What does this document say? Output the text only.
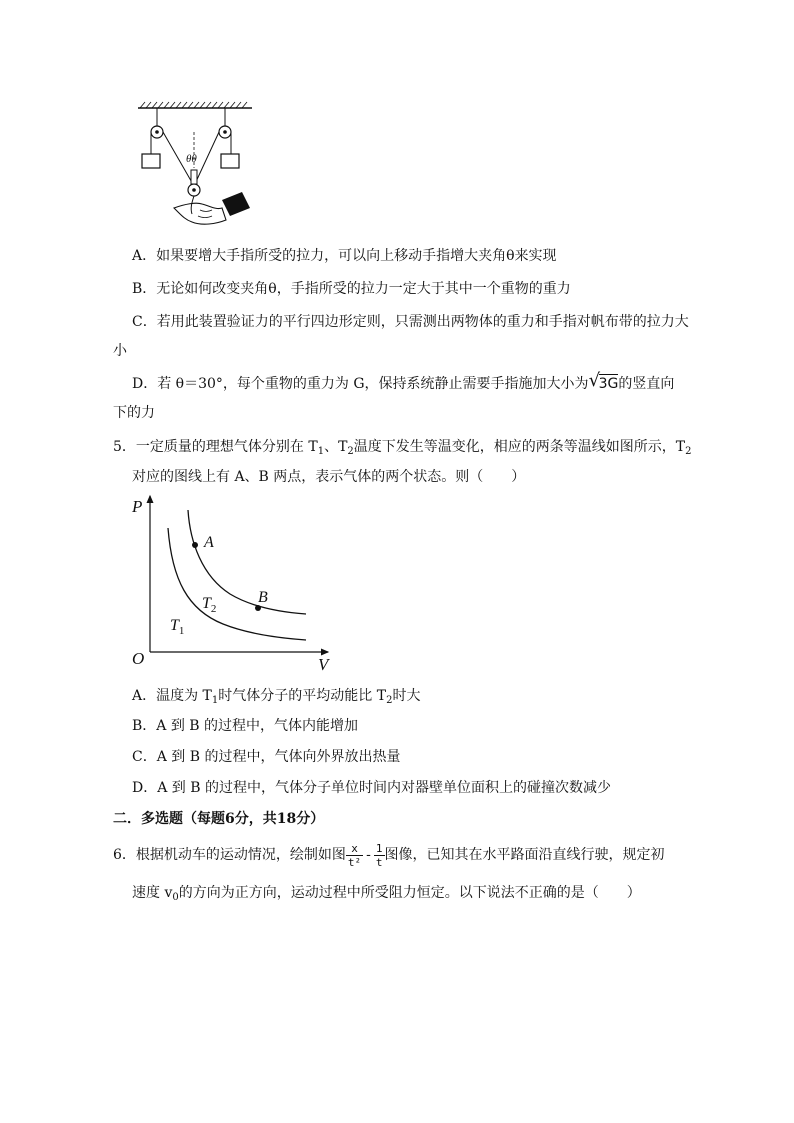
θθ
A．如果要增大手指所受的拉力，可以向上移动手指增大夹角θ来实现
B．无论如何改变夹角θ，手指所受的拉力一定大于其中一个重物的重力
C．若用此装置验证力的平行四边形定则，只需测出两物体的重力和手指对帆布带的拉力大
小
D．若 θ＝30°，每个重物的重力为 G，保持系统静止需要手指施加大小为 √
3G的竖直向
下的力
5．一定质量的理想气体分别在 $T_1$、$T_2$温度下发生等温变化，相应的两条等温线如图所示，$T_2$
对应的图线上有 A、B 两点，表示气体的两个状态。则（　　）
P
V
O
A
B
$T_2$
$T_1$
A．温度为 $T_1$时气体分子的平均动能比 $T_2$时大
B．A 到 B 的过程中，气体内能增加
C．A 到 B 的过程中，气体向外界放出热量
D．A 到 B 的过程中，气体分子单位时间内对器壁单位面积上的碰撞次数减少
二．多选题（每题6分，共18分）
6．根据机动车的运动情况，绘制如图 $\frac{x}{\text{t²}} - \frac{1}{t}$ 图像，已知其在水平路面沿直线行驶，规定初
速度 $v_0$的方向为正方向，运动过程中所受阻力恒定。以下说法不正确的是（　　）
